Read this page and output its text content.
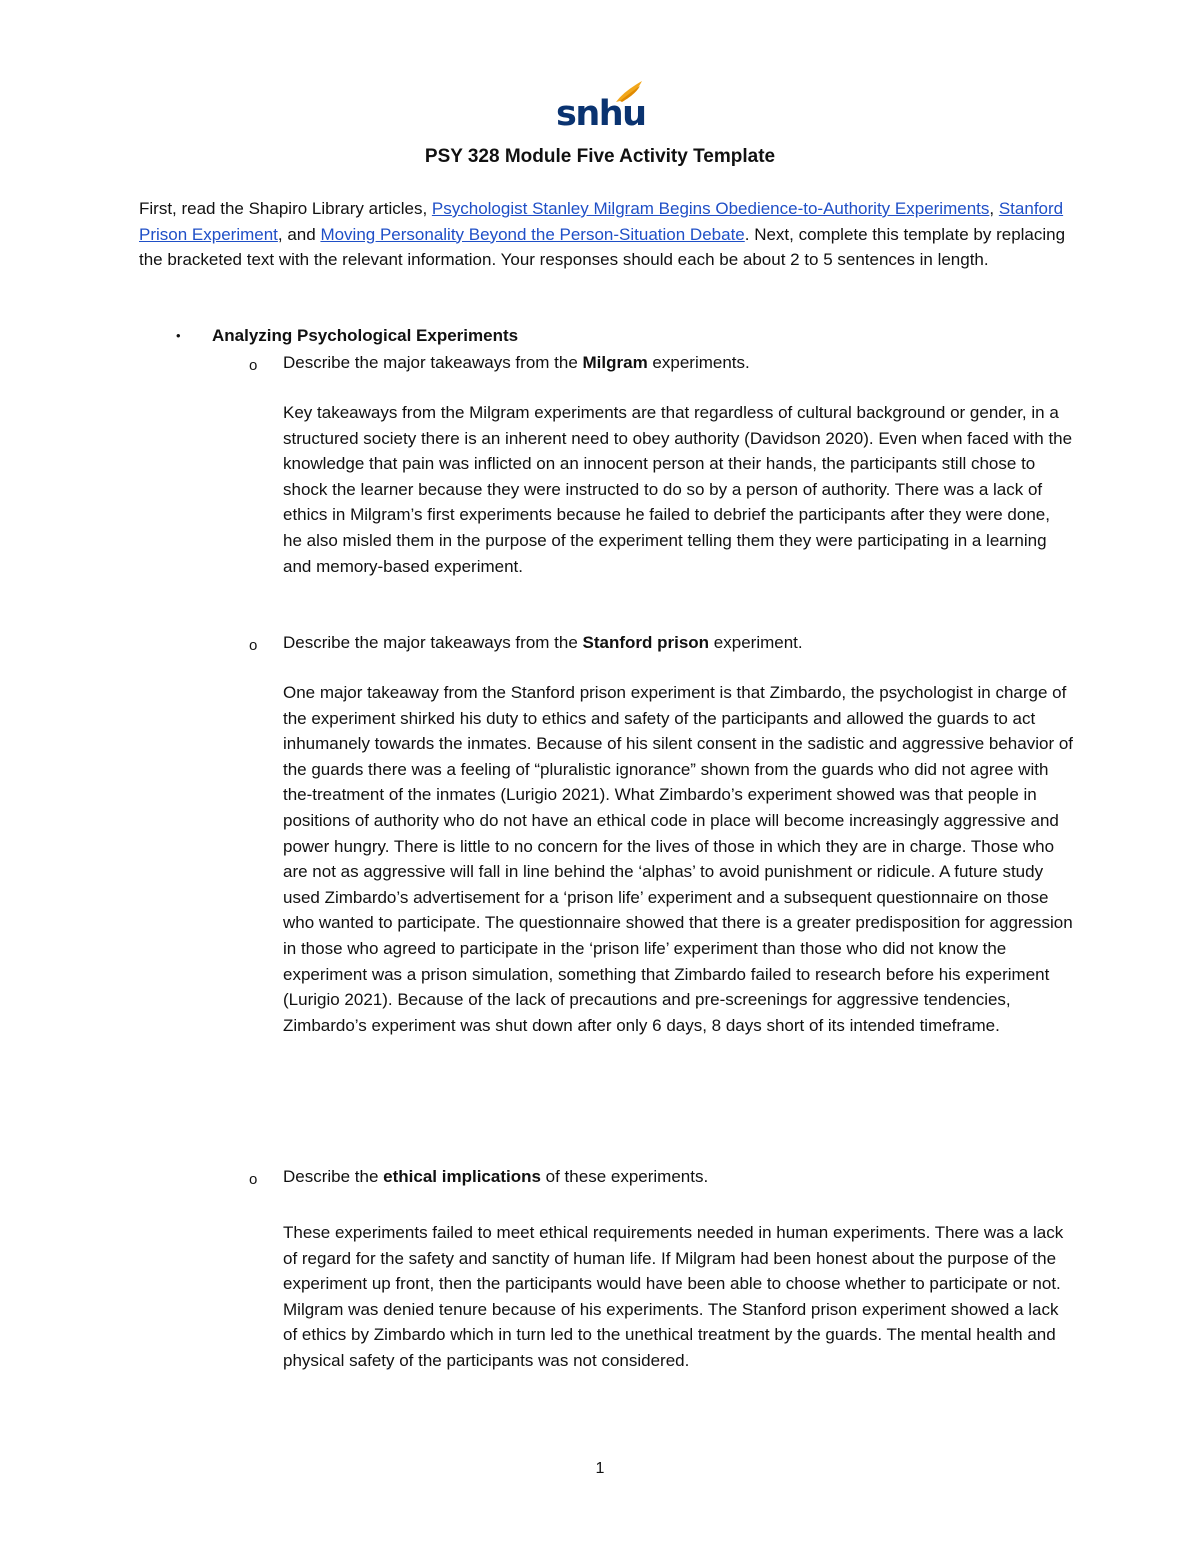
snhu
PSY 328 Module Five Activity Template

First, read the Shapiro Library articles, Psychologist Stanley Milgram Begins Obedience-to-Authority Experiments, Stanford Prison Experiment, and Moving Personality Beyond the Person-Situation Debate. Next, complete this template by replacing the bracketed text with the relevant information. Your responses should each be about 2 to 5 sentences in length.

• Analyzing Psychological Experiments
o Describe the major takeaways from the Milgram experiments.

Key takeaways from the Milgram experiments are that regardless of cultural background or gender, in a structured society there is an inherent need to obey authority (Davidson 2020). Even when faced with the knowledge that pain was inflicted on an innocent person at their hands, the participants still chose to shock the learner because they were instructed to do so by a person of authority. There was a lack of ethics in Milgram’s first experiments because he failed to debrief the participants after they were done, he also misled them in the purpose of the experiment telling them they were participating in a learning and memory-based experiment.

o Describe the major takeaways from the Stanford prison experiment.

One major takeaway from the Stanford prison experiment is that Zimbardo, the psychologist in charge of the experiment shirked his duty to ethics and safety of the participants and allowed the guards to act inhumanely towards the inmates. Because of his silent consent in the sadistic and aggressive behavior of the guards there was a feeling of “pluralistic ignorance” shown from the guards who did not agree with the-treatment of the inmates (Lurigio 2021). What Zimbardo’s experiment showed was that people in positions of authority who do not have an ethical code in place will become increasingly aggressive and power hungry. There is little to no concern for the lives of those in which they are in charge. Those who are not as aggressive will fall in line behind the ‘alphas’ to avoid punishment or ridicule. A future study used Zimbardo’s advertisement for a ‘prison life’ experiment and a subsequent questionnaire on those who wanted to participate. The questionnaire showed that there is a greater predisposition for aggression in those who agreed to participate in the ‘prison life’ experiment than those who did not know the experiment was a prison simulation, something that Zimbardo failed to research before his experiment (Lurigio 2021). Because of the lack of precautions and pre-screenings for aggressive tendencies, Zimbardo’s experiment was shut down after only 6 days, 8 days short of its intended timeframe.

o Describe the ethical implications of these experiments.

These experiments failed to meet ethical requirements needed in human experiments. There was a lack of regard for the safety and sanctity of human life. If Milgram had been honest about the purpose of the experiment up front, then the participants would have been able to choose whether to participate or not. Milgram was denied tenure because of his experiments. The Stanford prison experiment showed a lack of ethics by Zimbardo which in turn led to the unethical treatment by the guards. The mental health and physical safety of the participants was not considered.

1
